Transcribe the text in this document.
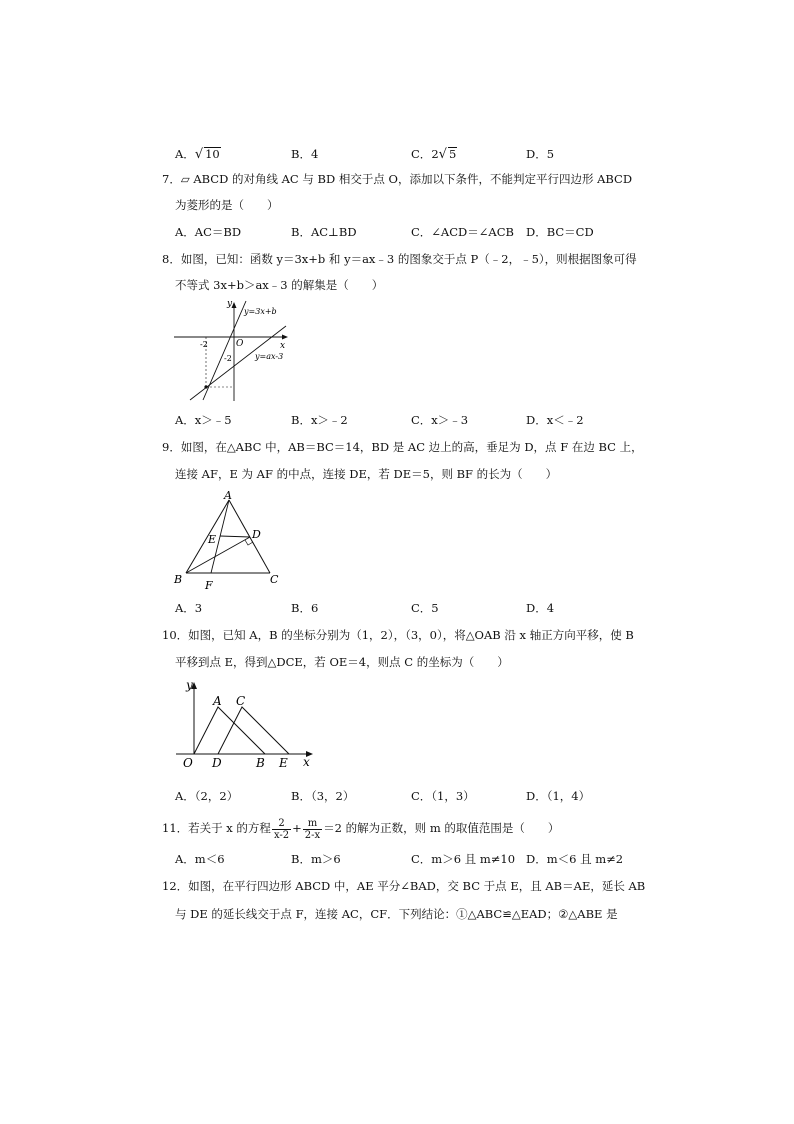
A．√ 10	B．4	C．2√ 5	D．5
7．▱ ABCD 的对角线 AC 与 BD 相交于点 O，添加以下条件，不能判定平行四边形 ABCD
为菱形的是（　　）
A．AC＝BD	B．AC⊥BD	C．∠ACD＝∠ACB D．BC＝CD
8．如图，已知：函数 y＝3x+b 和 y＝ax﹣3 的图象交于点 P（﹣2，﹣5），则根据图象可得
不等式 3x+b＞ax﹣3 的解集是（　　）
y
x
O
-2
-2
y=3x+b
y=ax-3
A．x＞﹣5	B．x＞﹣2	C．x＞﹣3	D．x＜﹣2
9．如图，在△ABC 中，AB＝BC＝14，BD 是 AC 边上的高，垂足为 D，点 F 在边 BC 上，
连接 AF，E 为 AF 的中点，连接 DE，若 DE＝5，则 BF 的长为（　　）
A
B	C
D
E
F
A．3	B．6	C．5	D．4
10．如图，已知 A，B 的坐标分别为（1，2），（3，0），将△OAB 沿 x 轴正方向平移，使 B
平移到点 E，得到△DCE，若 OE＝4，则点 C 的坐标为（　　）
y
x
O
A C
D	B E
A．（2，2）	B．（3，2）	C．（1，3）	D．（1，4）
11．若关于 x 的方程 $\frac{2}{x-2} + \frac{m}{2-x} =2$ 的解为正数，则 m 的取值范围是（　　）
A．m＜6	B．m＞6	C．m＞6 且 m≠10 D．m＜6 且 m≠2
12．如图，在平行四边形 ABCD 中，AE 平分∠BAD，交 BC 于点 E，且 AB＝AE，延长 AB
与 DE 的延长线交于点 F，连接 AC，CF．下列结论：①△ABC≌△EAD；②△ABE 是
